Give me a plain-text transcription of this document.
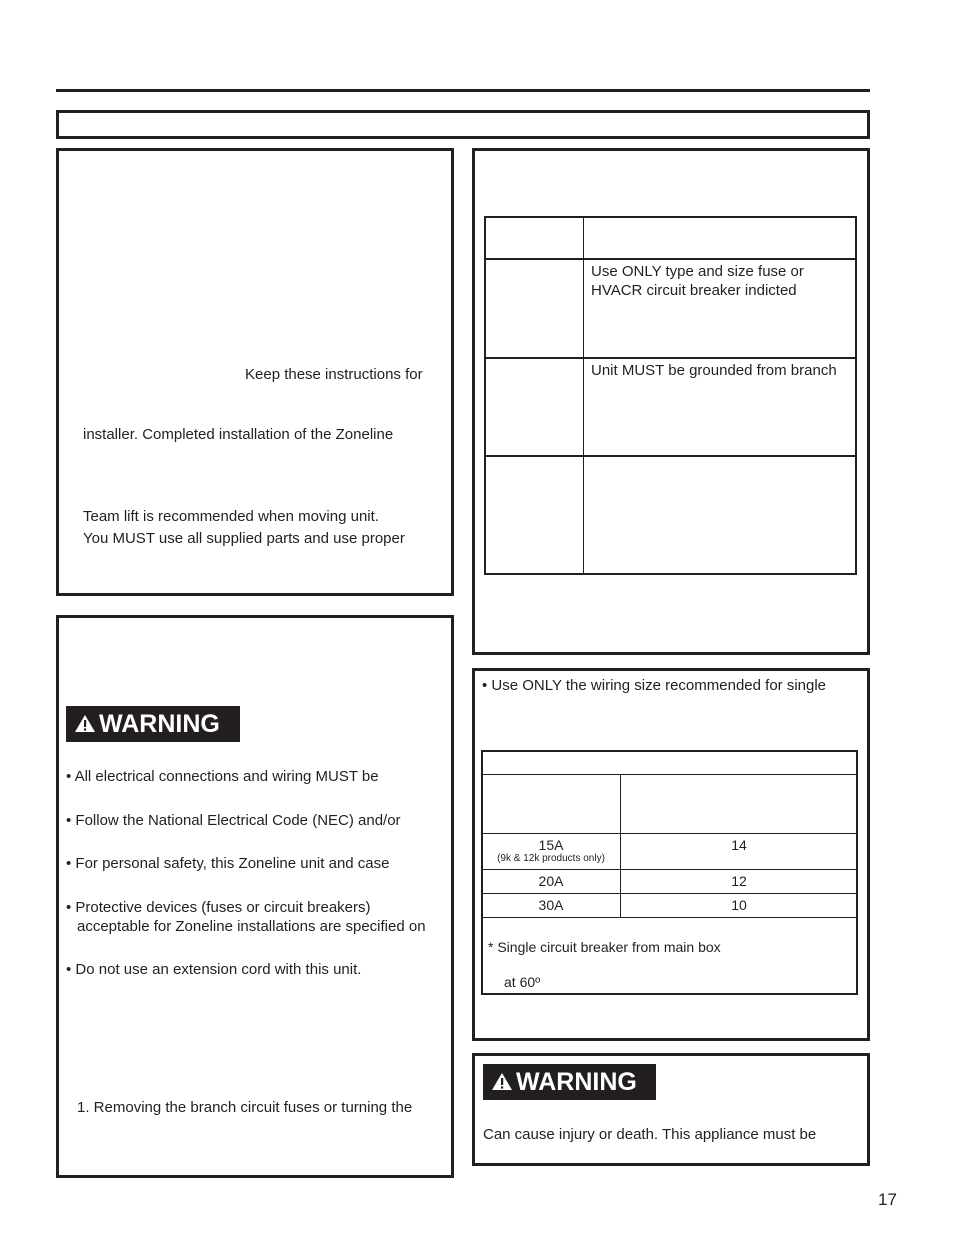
Keep these instructions for
installer. Completed installation of the Zoneline
Team lift is recommended when moving unit.
You MUST use all supplied parts and use proper
Use ONLY type and size fuse or
HVACR circuit breaker indicted
Unit MUST be grounded from branch
WARNING
• All electrical connections and wiring MUST be
• Follow the National Electrical Code (NEC) and/or
• For personal safety, this Zoneline unit and case
• Protective devices (fuses or circuit breakers)
acceptable for Zoneline installations are specified on
• Do not use an extension cord with this unit.
1. Removing the branch circuit fuses or turning the
• Use ONLY the wiring size recommended for single
15A
(9k & 12k products only)
14
20A	12
30A	10
* Single circuit breaker from main box
at 60º
WARNING
Can cause injury or death. This appliance must be
17
